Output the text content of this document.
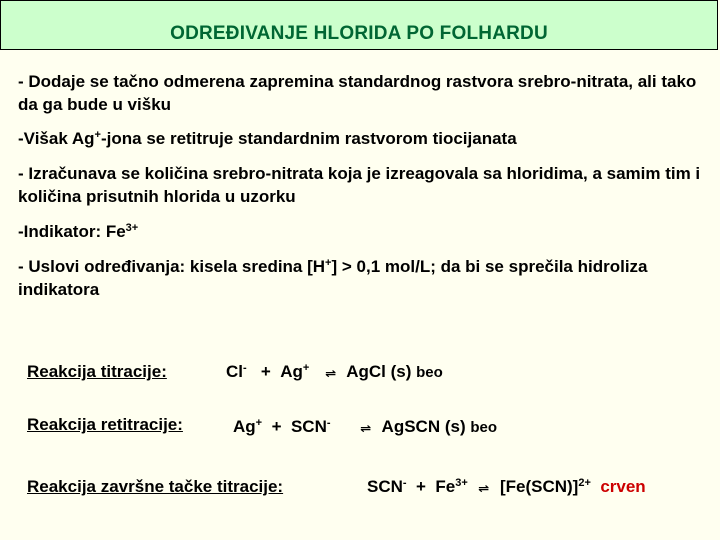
ODREĐIVANJE HLORIDA PO FOLHARDU

- Dodaje se tačno odmerena zapremina standardnog rastvora srebro-nitrata, ali tako da ga bude u višku

-Višak Ag+-jona se retitruje standardnim rastvorom tiocijanata

- Izračunava se količina srebro-nitrata koja je izreagovala sa hloridima, a samim tim i količina prisutnih hlorida u uzorku

-Indikator: $Fe^{3+}$

- Uslovi određivanja: kisela sredina [H+] > 0,1 mol/L; da bi se sprečila hidroliza indikatora

Reakcija titracije:	Cl- + Ag+ ⇌ AgCl (s) beo
Reakcija retitracije:	Ag+ + SCN-	⇌ AgSCN (s) beo
Reakcija završne tačke titracije:	$SCN^- + Fe^{3+}$ ⇌ $[Fe(SCN)]^{2+}$ crven
